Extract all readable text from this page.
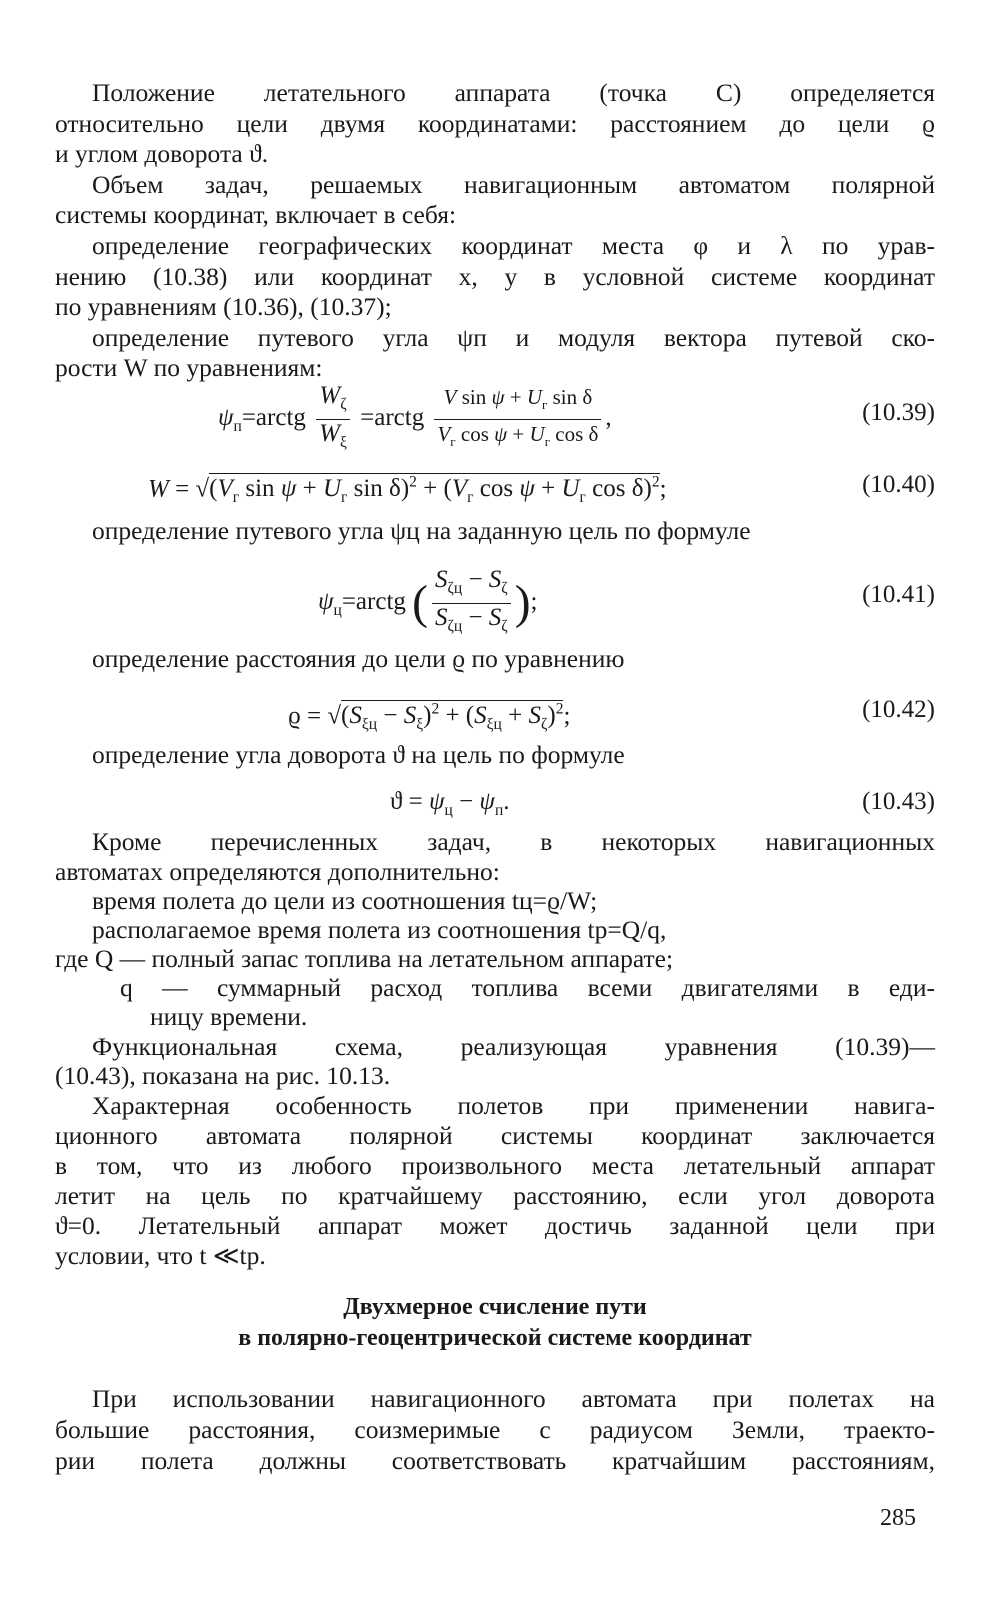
Положение летательного аппарата (точка C) определяется
относительно цели двумя координатами: расстоянием до цели ϱ
и углом доворота ϑ.
Объем задач, решаемых навигационным автоматом полярной
системы координат, включает в себя:
определение географических координат места φ и λ по урав-
нению (10.38) или координат x, y в условной системе координат
по уравнениям (10.36), (10.37);
определение путевого угла ψп и модуля вектора путевой ско-
рости W по уравнениям:
$\psi_п=arctg \frac{W_\zeta}{W_\xi}$ =arctg $\frac{V \sin \psi + U_г \sin \delta}{V_г \cos \psi + U_г \cos \delta}$ ,	(10.39)
$W = √(V_г$ $\sin \psi + U_г$ $\sin \delta)^2 + (V_г$ $\cos \psi + U_г$ cos δ)$^2$;	(10.40)
определение путевого угла ψц на заданную цель по формуле
$\psi_ц=arctg$ ( $\frac{S_{\zeta ц} - S_\zeta}{S_{\zeta ц} - S_\zeta}$ );	(10.41)
определение расстояния до цели ϱ по уравнению
$ϱ = √(S_{\xi ц} - S_\xi)^2 + (S_{\xi ц} + S_\zeta)^2$;	(10.42)
определение угла доворота ϑ на цель по формуле
$ϑ = \psi_ц - \psi_п$.	(10.43)
Кроме перечисленных задач, в некоторых навигационных
автоматах определяются дополнительно:
время полета до цели из соотношения tц=ϱ/W;
располагаемое время полета из соотношения tр=Q/q,
где Q — полный запас топлива на летательном аппарате;
q — суммарный расход топлива всеми двигателями в еди-
ницу времени.
Функциональная схема, реализующая уравнения (10.39)—
(10.43), показана на рис. 10.13.
Характерная особенность полетов при применении навига-
ционного автомата полярной системы координат заключается
в том, что из любого произвольного места летательный аппарат
летит на цель по кратчайшему расстоянию, если угол доворота
ϑ=0. Летательный аппарат может достичь заданной цели при
условии, что t ≪tр.
Двухмерное счисление пути
в полярно-геоцентрической системе координат
При использовании навигационного автомата при полетах на
большие расстояния, соизмеримые с радиусом Земли, траекто-
рии полета должны соответствовать кратчайшим расстояниям,
285
